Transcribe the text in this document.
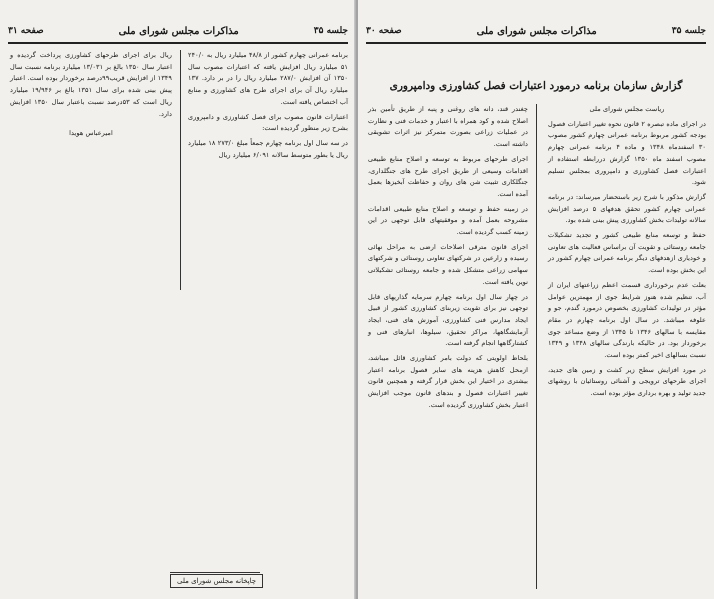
جلسه ۳۵
مذاکرات مجلس شورای ملی
صفحه ۳۱

برنامه عمرانی چهارم کشور از ۴۸/۸ میلیارد ریال به ۲۴۰/۰ ۵۱ میلیارد ریال افزایش یافته که اعتبارات مصوب سال ۱۳۵۰ آن افزایش ۲۸۷/۰ میلیارد ریال را در بر دارد. ۱۳۷ میلیارد ریال آن برای اجرای طرح های کشاورزی و منابع آب اختصاص یافته است.

اعتبارات قانون مصوب برای فصل کشاورزی و دامپروری بشرح زیر منظور گردیده است:

در سه سال اول برنامه چهارم جمعاً مبلغ ۲۷۳/۰ ۱۸ میلیارد ریال یا بطور متوسط سالانه ۶/۰۹۱ میلیارد ریال

ریال برای اجرای طرحهای کشاورزی پرداخت گردیده و اعتبار سال ۱۳۵۰ بالغ بر ۱۳/۰۳۱ میلیارد برنامه نسبت سال ۱۳۴۹ از افزایش قریب۹۹درصد برخوردار بوده است. اعتبار پیش بینی شده برای سال ۱۳۵۱ بالغ بر ۱۹/۹۴۶ میلیارد ریال است که ۵۳درصد نسبت باعتبار سال ۱۳۵۰ افزایش دارد.

امیرعباس هویدا

چاپخانه مجلس شورای ملی
جلسه ۳۵
مذاکرات مجلس شورای ملی
صفحه ۳۰
گزارش سازمان برنامه درمورد اعتبارات فصل کشاورزی ودامپروری

ریاست مجلس شورای ملی

در اجرای ماده تبصره ۲ قانون نحوه تغییر اعتبارات فصول بودجه کشور مربوط برنامه عمرانی چهارم کشور مصوب ۳۰ اسفندماه ۱۳۴۸ و ماده ۴ برنامه عمرانی چهارم مصوب اسفند ماه ۱۳۵۰ گزارش دررابطه استفاده از اعتبارات فصل کشاورزی و دامپروری بمجلس تسلیم شود.

گزارش مذکور با شرح زیر باستحضار میرساند: در برنامه عمرانی چهارم کشور تحقق هدفهای ۵ درصد افزایش سالانه تولیدات بخش کشاورزی پیش بینی شده بود.

حفظ و توسعه منابع طبیعی کشور و تجدید تشکیلات جامعه روستائی و تقویت آن براساس فعالیت های تعاونی و خودیاری ازهدفهای دیگر برنامه عمرانی چهارم کشور در این بخش بوده است.

بعلت عدم برخورداری قسمت اعظم زراعتهای ایران از آب، تنظیم شده هنوز شرایط جوی از مهمترین عوامل مؤثر در تولیدات کشاورزی بخصوص درمورد گندم، جو و علوفه میباشد. در سال اول برنامه چهارم در مقام مقایسه با سالهای ۱۳۴۶ تا ۱۳۴۵ از وضع مساعد جوی برخوردار بود. در حالیکه بارندگی سالهای ۱۳۴۸ و ۱۳۴۹ نسبت بسالهای اخیر کمتر بوده است.

در مورد افزایش سطح زیر کشت و زمین های جدید، اجرای طرحهای ترویجی و آشنائی روستائیان با روشهای جدید تولید و بهره برداری مؤثر بوده است.

چغندر قند، دانه های روغنی و پنبه از طریق تأمین بذر اصلاح شده و کود همراه با اعتبار و خدمات فنی و نظارت در عملیات زراعی بصورت متمرکز نیز اثرات تشویقی داشته است.

اجرای طرحهای مربوط به توسعه و اصلاح منابع طبیعی اقدامات وسیعی از طریق اجرای طرح های جنگلداری، جنگلکاری تثبیت شن های روان و حفاظت آبخیزها بعمل آمده است.

در زمینه حفظ و توسعه و اصلاح منابع طبیعی اقدامات مشروحه بعمل آمده و موفقیتهای قابل توجهی در این زمینه کسب گردیده است.

اجرای قانون مترقی اصلاحات ارضی به مراحل نهائی رسیده و زارعین در شرکتهای تعاونی روستائی و شرکتهای سهامی زراعی متشکل شده و جامعه روستائی تشکیلاتی نوین یافته است.

در چهار سال اول برنامه چهارم سرمایه گذاریهای قابل توجهی نیز برای تقویت زیربنای کشاورزی کشور از قبیل ایجاد مدارس فنی کشاورزی، آموزش های فنی، ایجاد آزمایشگاهها، مراکز تحقیق، سیلوها، انبارهای فنی و کشتارگاهها انجام گرفته است.

بلحاظ اولویتی که دولت بامر کشاورزی قائل میباشد، ازمحل کاهش هزینه های سایر فصول برنامه اعتبار بیشتری در اختیار این بخش قرار گرفته و همچنین قانون تغییر اعتبارات فصول و بندهای قانون موجب افزایش اعتبار بخش کشاورزی گردیده است.
